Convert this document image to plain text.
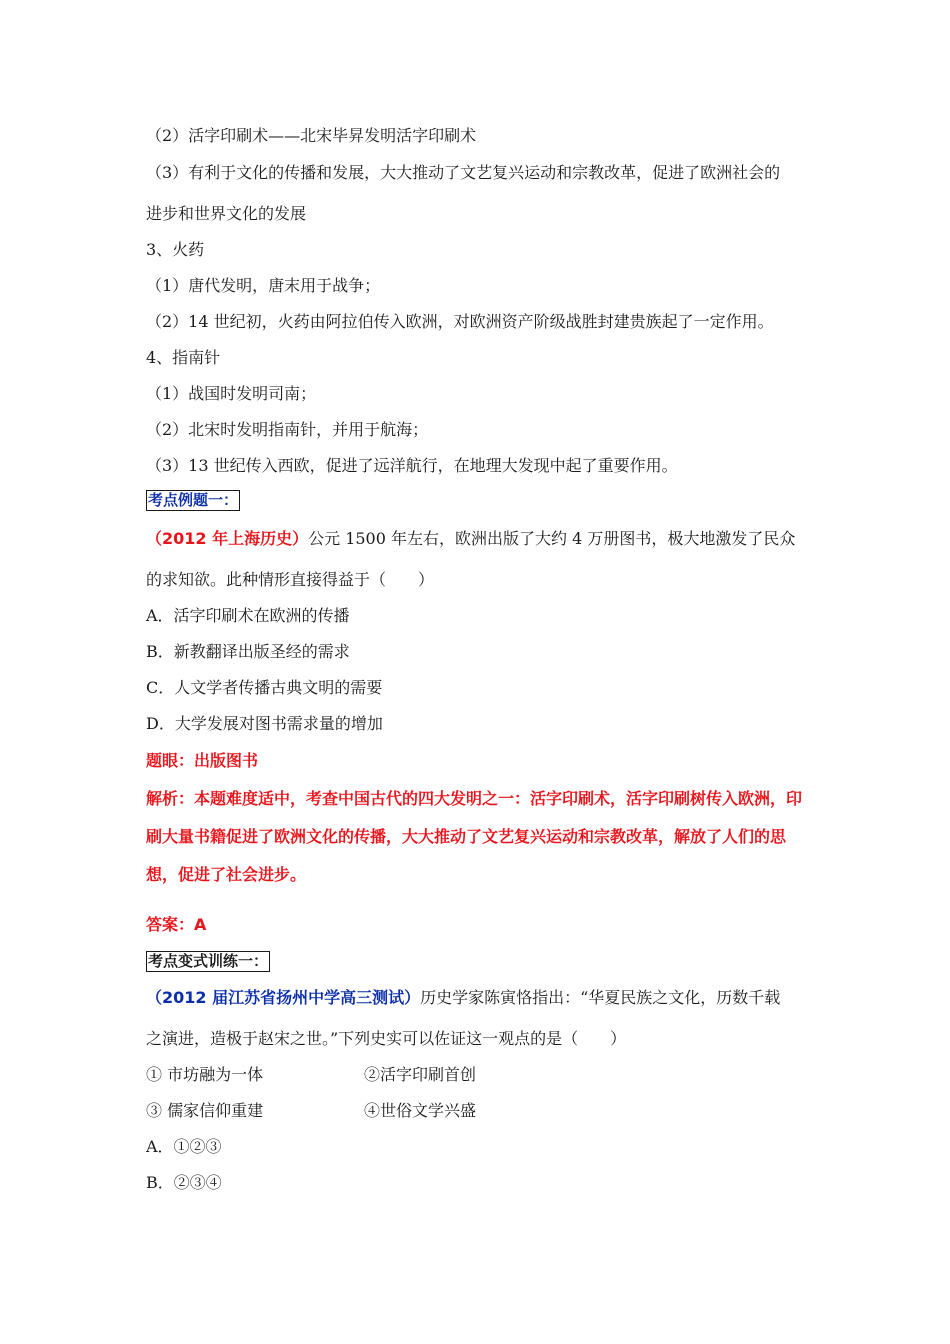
（2）活字印刷术——北宋毕昇发明活字印刷术
（3）有利于文化的传播和发展，大大推动了文艺复兴运动和宗教改革，促进了欧洲社会的
进步和世界文化的发展
3、火药
（1）唐代发明，唐末用于战争；
（2）14 世纪初，火药由阿拉伯传入欧洲，对欧洲资产阶级战胜封建贵族起了一定作用。
4、指南针
（1）战国时发明司南；
（2）北宋时发明指南针，并用于航海；
（3）13 世纪传入西欧，促进了远洋航行，在地理大发现中起了重要作用。
考点例题一：
（2012 年上海历史）公元 1500 年左右，欧洲出版了大约 4 万册图书，极大地激发了民众
的求知欲。此种情形直接得益于（　　）
A．活字印刷术在欧洲的传播
B．新教翻译出版圣经的需求
C．人文学者传播古典文明的需要
D．大学发展对图书需求量的增加
题眼：出版图书
解析：本题难度适中，考查中国古代的四大发明之一：活字印刷术，活字印刷树传入欧洲，印刷大量书籍促进了欧洲文化的传播，大大推动了文艺复兴运动和宗教改革，解放了人们的思想，促进了社会进步。
答案：A
考点变式训练一：
（2012 届江苏省扬州中学高三测试）历史学家陈寅恪指出：“华夏民族之文化，历数千载
之演进，造极于赵宋之世。”下列史实可以佐证这一观点的是（　　）
① 市坊融为一体	②活字印刷首创
③ 儒家信仰重建	④世俗文学兴盛
A．①②③
B．②③④
